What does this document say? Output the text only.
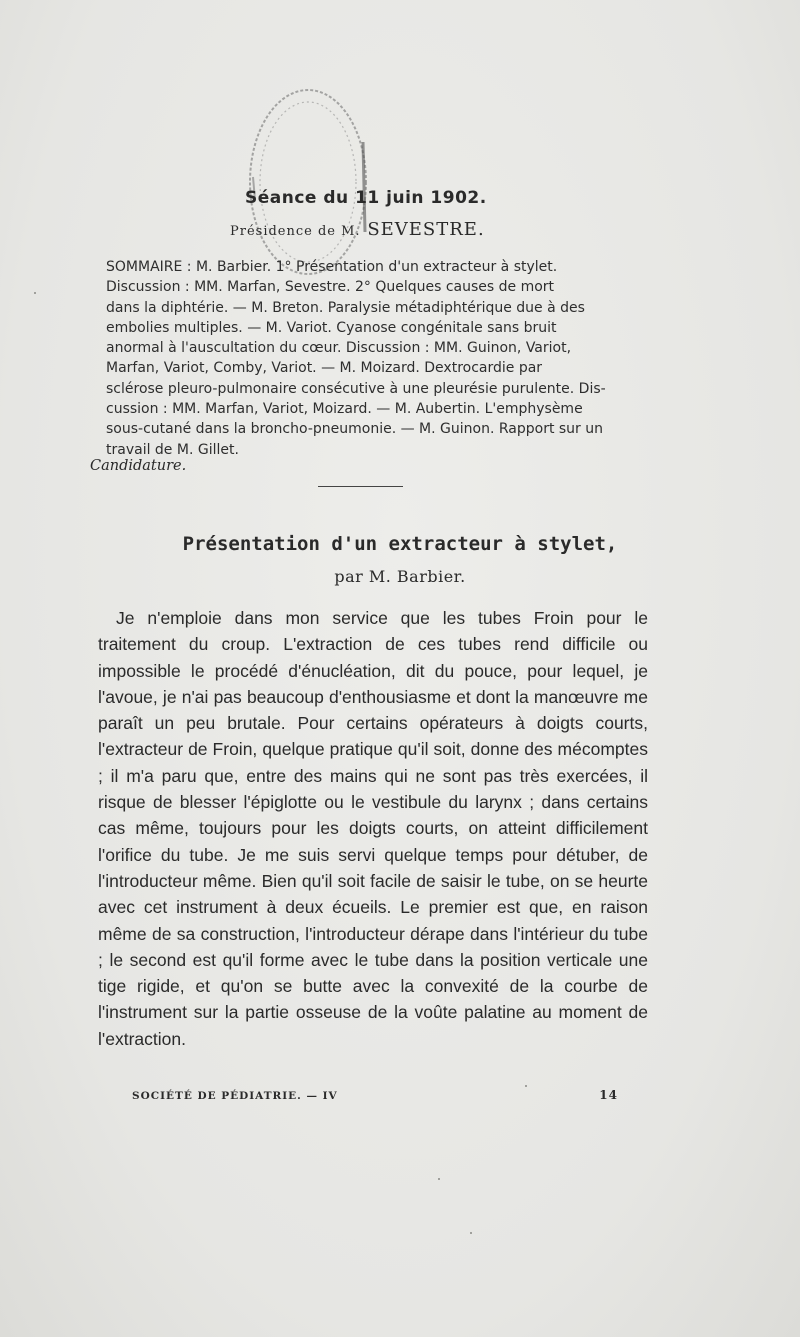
Séance du 11 juin 1902.
Présidence de M. SEVESTRE.

SOMMAIRE : M. Barbier. 1° Présentation d'un extracteur à stylet.

Discussion : MM. Marfan, Sevestre. 2° Quelques causes de mort

dans la diphtérie. — M. Breton. Paralysie métadiphtérique due à des

embolies multiples. — M. Variot. Cyanose congénitale sans bruit

anormal à l'auscultation du cœur. Discussion : MM. Guinon, Variot,

Marfan, Variot, Comby, Variot. — M. Moizard. Dextrocardie par

sclérose pleuro-pulmonaire consécutive à une pleurésie purulente. Dis-

cussion : MM. Marfan, Variot, Moizard. — M. Aubertin. L'emphysème

sous-cutané dans la broncho-pneumonie. — M. Guinon. Rapport sur un

travail de M. Gillet.

Candidature.
Présentation d'un extracteur à stylet,
par M. Barbier.

Je n'emploie dans mon service que les tubes Froin pour le traitement du croup. L'extraction de ces tubes rend difficile ou impossible le procédé d'énucléation, dit du pouce, pour lequel, je l'avoue, je n'ai pas beaucoup d'enthousiasme et dont la manœuvre me paraît un peu brutale. Pour certains opérateurs à doigts courts, l'extracteur de Froin, quelque pratique qu'il soit, donne des mécomptes ; il m'a paru que, entre des mains qui ne sont pas très exercées, il risque de blesser l'épiglotte ou le vestibule du larynx ; dans certains cas même, toujours pour les doigts courts, on atteint difficilement l'orifice du tube. Je me suis servi quelque temps pour détuber, de l'introducteur même. Bien qu'il soit facile de saisir le tube, on se heurte avec cet instrument à deux écueils. Le premier est que, en raison même de sa construction, l'introducteur dérape dans l'intérieur du tube ; le second est qu'il forme avec le tube dans la position verticale une tige rigide, et qu'on se butte avec la convexité de la courbe de l'instrument sur la partie osseuse de la voûte palatine au moment de l'extraction.

SOCIÉTÉ DE PÉDIATRIE. — IV	14
